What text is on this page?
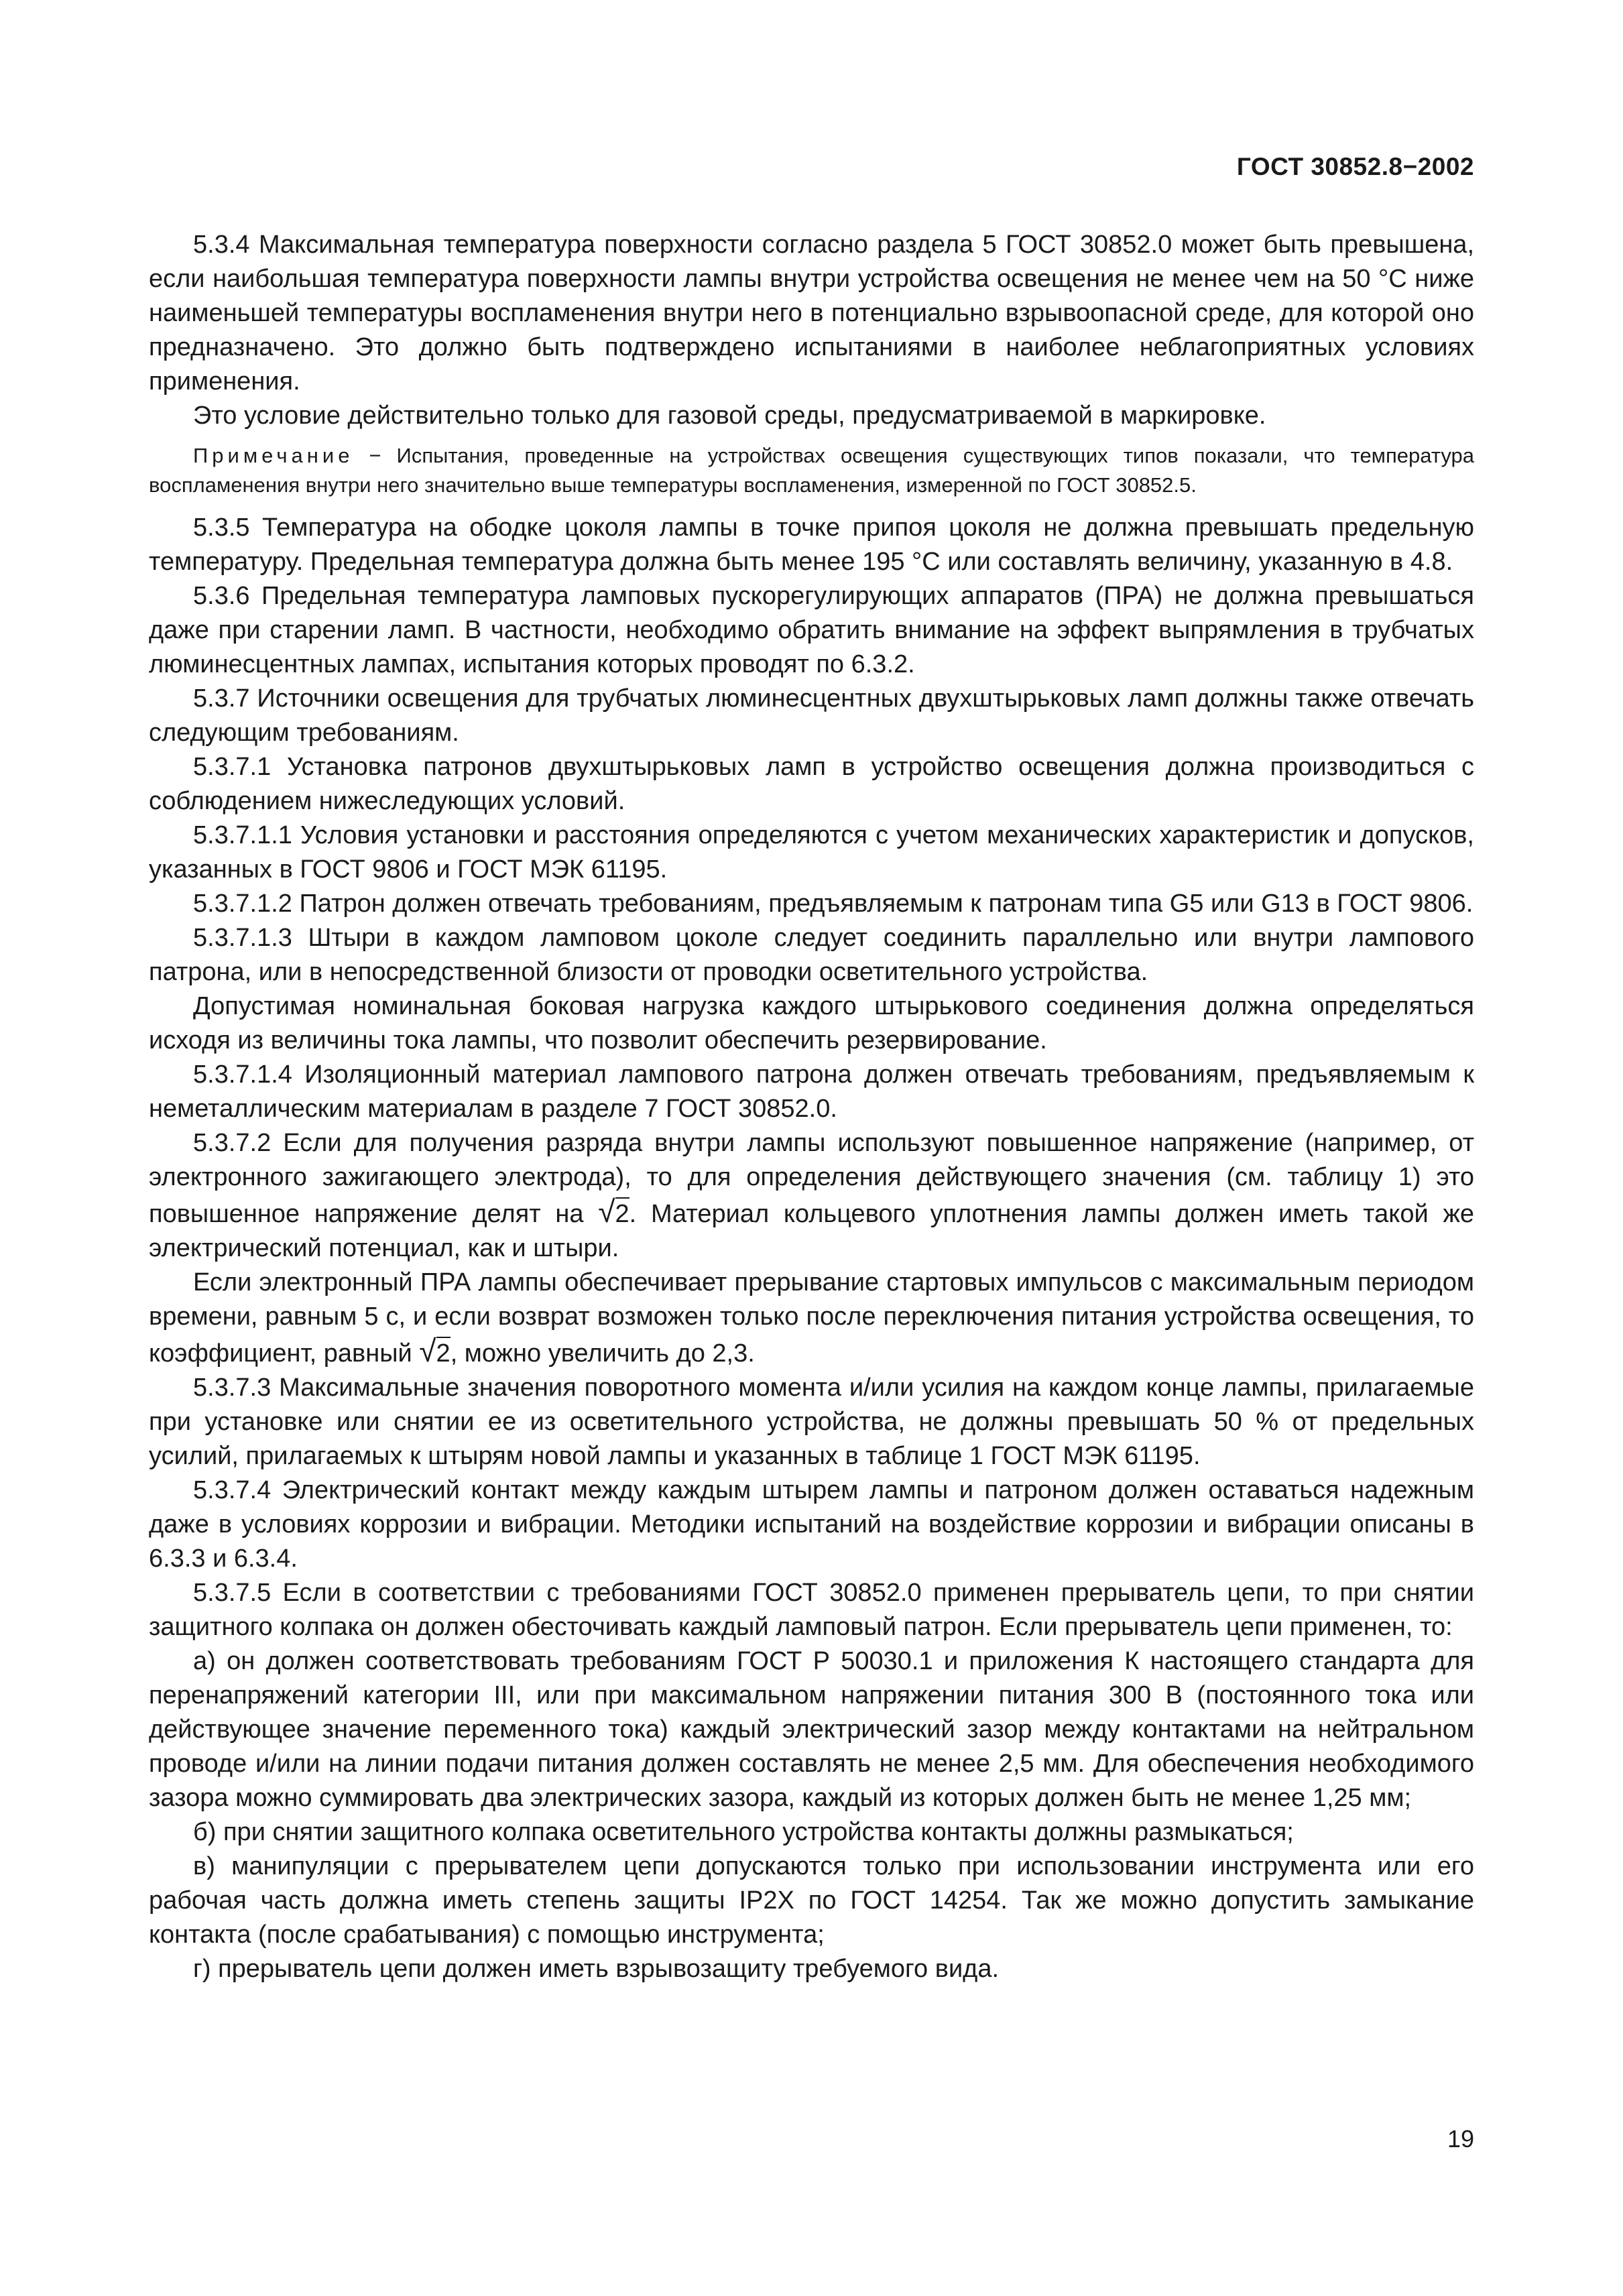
ГОСТ 30852.8−2002

5.3.4 Максимальная температура поверхности согласно раздела 5 ГОСТ 30852.0 может быть превышена, если наибольшая температура поверхности лампы внутри устройства освещения не менее чем на 50 °С ниже наименьшей температуры воспламенения внутри него в потенциально взрывоопасной среде, для которой оно предназначено. Это должно быть подтверждено испытаниями в наиболее неблагоприятных условиях применения.

Это условие действительно только для газовой среды, предусматриваемой в маркировке.

Примечание − Испытания, проведенные на устройствах освещения существующих типов показали, что температура воспламенения внутри него значительно выше температуры воспламенения, измеренной по ГОСТ 30852.5.

5.3.5 Температура на ободке цоколя лампы в точке припоя цоколя не должна превышать предельную температуру. Предельная температура должна быть менее 195 °С или составлять величину, указанную в 4.8.

5.3.6 Предельная температура ламповых пускорегулирующих аппаратов (ПРА) не должна превышаться даже при старении ламп. В частности, необходимо обратить внимание на эффект выпрямления в трубчатых люминесцентных лампах, испытания которых проводят по 6.3.2.

5.3.7 Источники освещения для трубчатых люминесцентных двухштырьковых ламп должны также отвечать следующим требованиям.

5.3.7.1 Установка патронов двухштырьковых ламп в устройство освещения должна производиться с соблюдением нижеследующих условий.

5.3.7.1.1 Условия установки и расстояния определяются с учетом механических характеристик и допусков, указанных в ГОСТ 9806 и ГОСТ МЭК 61195.

5.3.7.1.2 Патрон должен отвечать требованиям, предъявляемым к патронам типа G5 или G13 в ГОСТ 9806.

5.3.7.1.3 Штыри в каждом ламповом цоколе следует соединить параллельно или внутри лампового патрона, или в непосредственной близости от проводки осветительного устройства.

Допустимая номинальная боковая нагрузка каждого штырькового соединения должна определяться исходя из величины тока лампы, что позволит обеспечить резервирование.

5.3.7.1.4 Изоляционный материал лампового патрона должен отвечать требованиям, предъявляемым к неметаллическим материалам в разделе 7 ГОСТ 30852.0.

5.3.7.2 Если для получения разряда внутри лампы используют повышенное напряжение (например, от электронного зажигающего электрода), то для определения действующего значения (см. таблицу 1) это повышенное напряжение делят на √2. Материал кольцевого уплотнения лампы должен иметь такой же электрический потенциал, как и штыри.

Если электронный ПРА лампы обеспечивает прерывание стартовых импульсов с максимальным периодом времени, равным 5 с, и если возврат возможен только после переключения питания устройства освещения, то коэффициент, равный √2, можно увеличить до 2,3.

5.3.7.3 Максимальные значения поворотного момента и/или усилия на каждом конце лампы, прилагаемые при установке или снятии ее из осветительного устройства, не должны превышать 50 % от предельных усилий, прилагаемых к штырям новой лампы и указанных в таблице 1 ГОСТ МЭК 61195.

5.3.7.4 Электрический контакт между каждым штырем лампы и патроном должен оставаться надежным даже в условиях коррозии и вибрации. Методики испытаний на воздействие коррозии и вибрации описаны в 6.3.3 и 6.3.4.

5.3.7.5 Если в соответствии с требованиями ГОСТ 30852.0 применен прерыватель цепи, то при снятии защитного колпака он должен обесточивать каждый ламповый патрон. Если прерыватель цепи применен, то:

а) он должен соответствовать требованиям ГОСТ Р 50030.1 и приложения К настоящего стандарта для перенапряжений категории III, или при максимальном напряжении питания 300 В (постоянного тока или действующее значение переменного тока) каждый электрический зазор между контактами на нейтральном проводе и/или на линии подачи питания должен составлять не менее 2,5 мм. Для обеспечения необходимого зазора можно суммировать два электрических зазора, каждый из которых должен быть не менее 1,25 мм;

б) при снятии защитного колпака осветительного устройства контакты должны размыкаться;

в) манипуляции с прерывателем цепи допускаются только при использовании инструмента или его рабочая часть должна иметь степень защиты IP2X по ГОСТ 14254. Так же можно допустить замыкание контакта (после срабатывания) с помощью инструмента;

г) прерыватель цепи должен иметь взрывозащиту требуемого вида.

19
